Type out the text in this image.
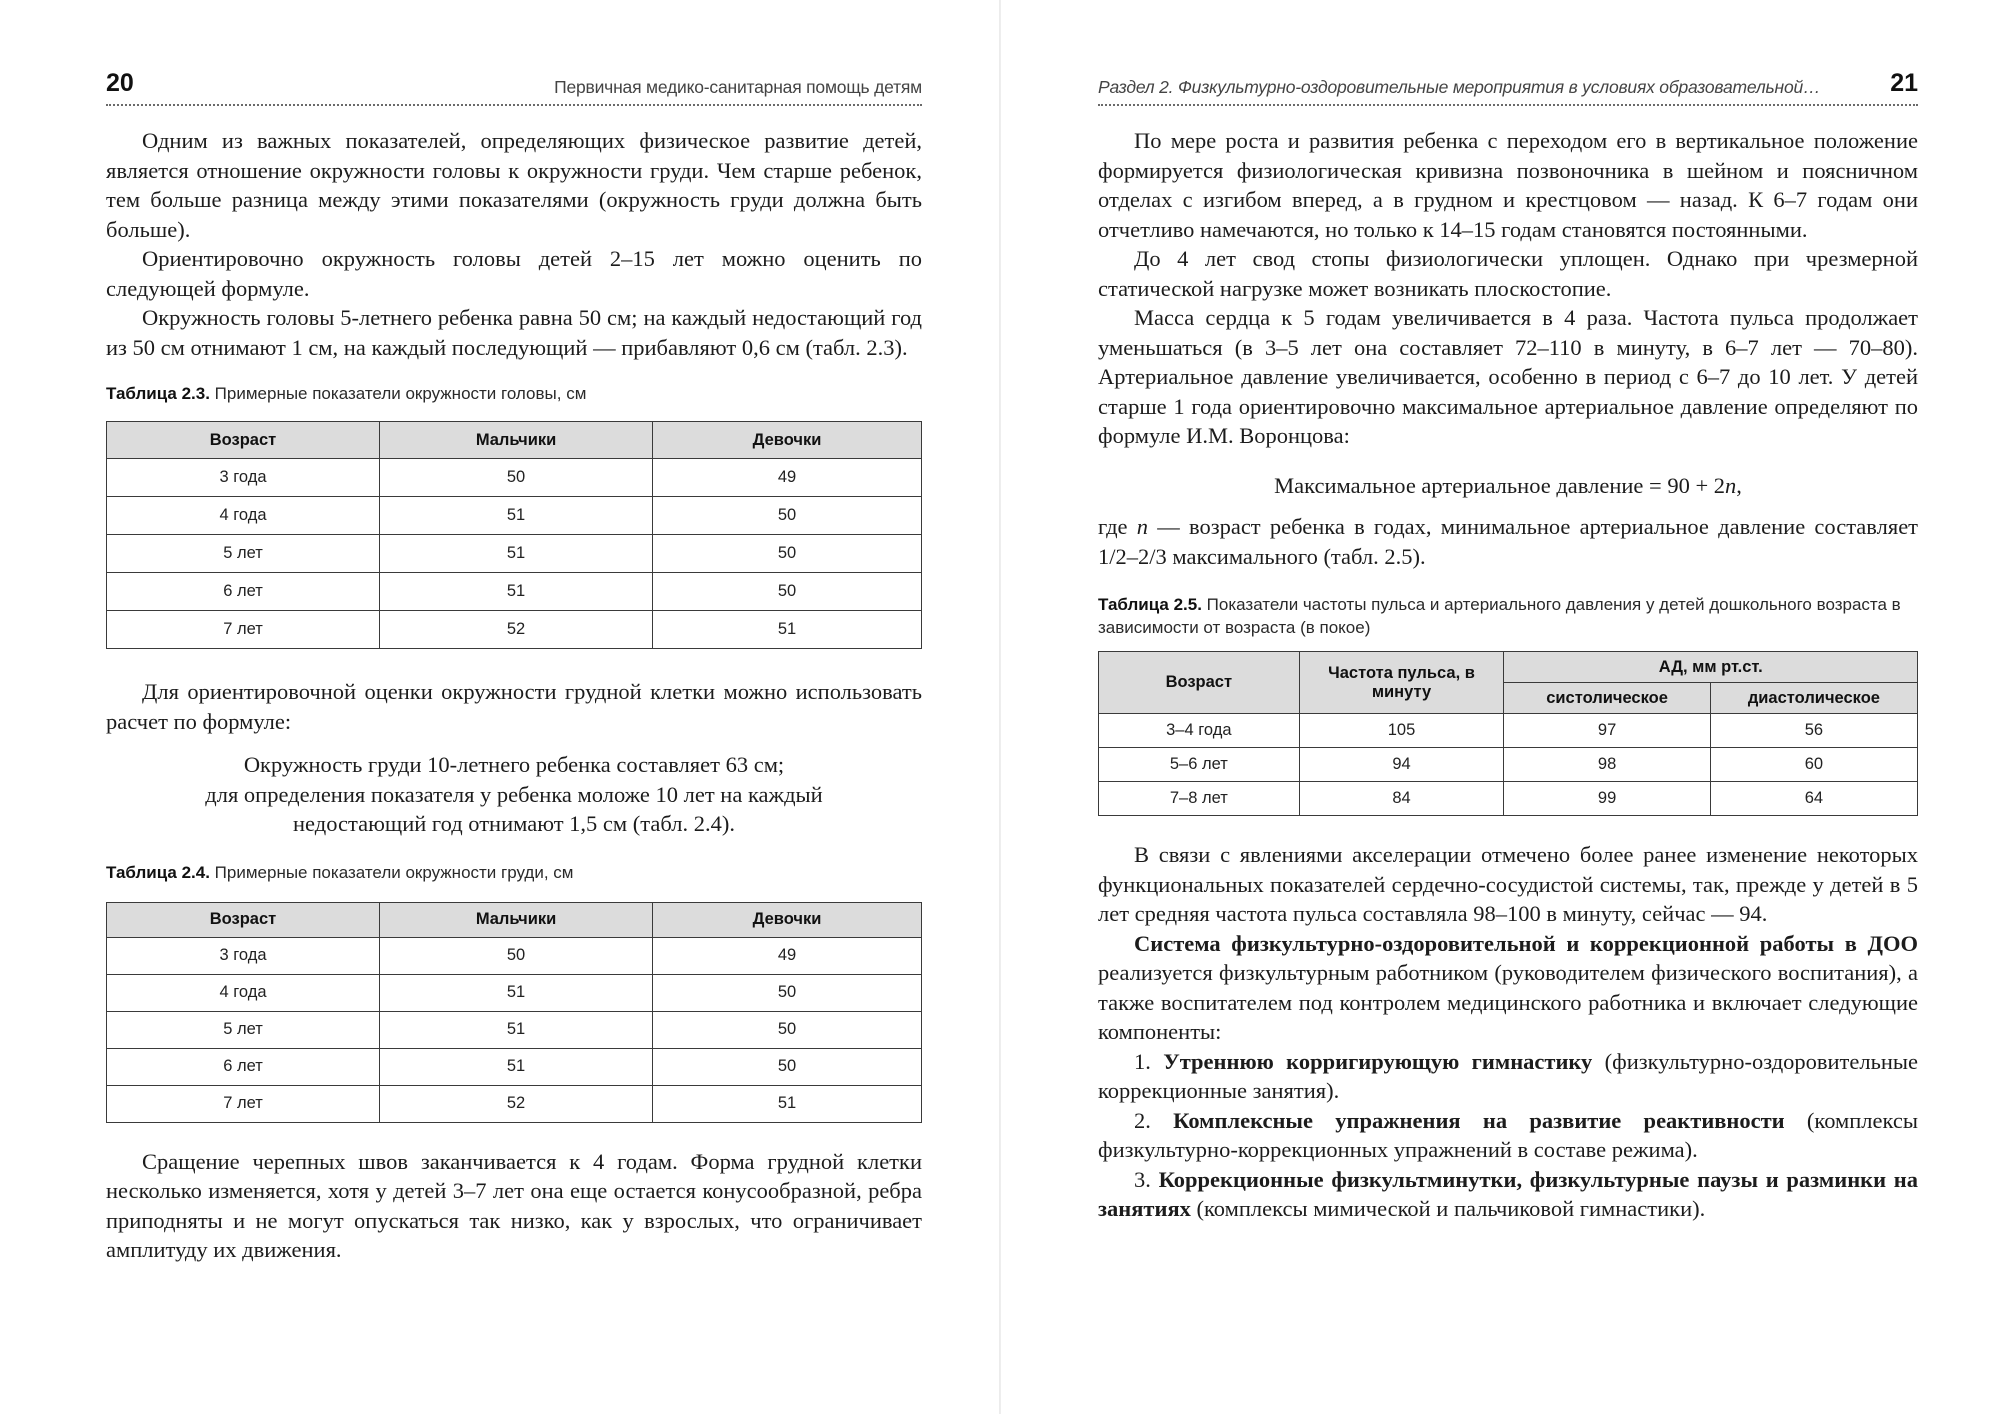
20	Первичная медико-санитарная помощь детям

Одним из важных показателей, определяющих физическое развитие детей, является отношение окружности головы к окружности груди. Чем старше ребенок, тем больше разница между этими показателями (окружность груди должна быть больше).

Ориентировочно окружность головы детей 2–15 лет можно оценить по следующей формуле.

Окружность головы 5-летнего ребенка равна 50 см; на каждый недостающий год из 50 см отнимают 1 см, на каждый последующий — прибавляют 0,6 см (табл. 2.3).

Таблица 2.3. Примерные показатели окружности головы, см

Возраст	Мальчики	Девочки
3 года	50	49
4 года	51	50
5 лет	51	50
6 лет	51	50
7 лет	52	51

Для ориентировочной оценки окружности грудной клетки можно использовать расчет по формуле:

Окружность груди 10-летнего ребенка составляет 63 см;

для определения показателя у ребенка моложе 10 лет на каждый

недостающий год отнимают 1,5 см (табл. 2.4).

Таблица 2.4. Примерные показатели окружности груди, см

Возраст	Мальчики	Девочки
3 года	50	49
4 года	51	50
5 лет	51	50
6 лет	51	50
7 лет	52	51

Сращение черепных швов заканчивается к 4 годам. Форма грудной клетки несколько изменяется, хотя у детей 3–7 лет она еще остается конусообразной, ребра приподняты и не могут опускаться так низко, как у взрослых, что ограничивает амплитуду их движения.

Раздел 2. Физкультурно-оздоровительные мероприятия в условиях образовательной…	21

По мере роста и развития ребенка с переходом его в вертикальное положение формируется физиологическая кривизна позвоночника в шейном и поясничном отделах с изгибом вперед, а в грудном и крестцовом — назад. К 6–7 годам они отчетливо намечаются, но только к 14–15 годам становятся постоянными.

До 4 лет свод стопы физиологически уплощен. Однако при чрезмерной статической нагрузке может возникать плоскостопие.

Масса сердца к 5 годам увеличивается в 4 раза. Частота пульса продолжает уменьшаться (в 3–5 лет она составляет 72–110 в минуту, в 6–7 лет — 70–80). Артериальное давление увеличивается, особенно в период с 6–7 до 10 лет. У детей старше 1 года ориентировочно максимальное артериальное давление определяют по формуле И.М. Воронцова:

Максимальное артериальное давление = 90 + 2n,

где n — возраст ребенка в годах, минимальное артериальное давление составляет 1/2–2/3 максимального (табл. 2.5).

Таблица 2.5. Показатели частоты пульса и артериального давления у детей дошкольного возраста в зависимости от возраста (в покое)

Возраст	Частота пульса, в минуту	АД, мм рт.ст.	
		систолическое	диастолическое
3–4 года	105	97	56
5–6 лет	94	98	60
7–8 лет	84	99	64

В связи с явлениями акселерации отмечено более ранее изменение некоторых функциональных показателей сердечно-сосудистой системы, так, прежде у детей в 5 лет средняя частота пульса составляла 98–100 в минуту, сейчас — 94.

Система физкультурно-оздоровительной и коррекционной работы в ДОО реализуется физкультурным работником (руководителем физического воспитания), а также воспитателем под контролем медицинского работника и включает следующие компоненты:

1. Утреннюю корригирующую гимнастику (физкультурно-оздоровительные коррекционные занятия).

2. Комплексные упражнения на развитие реактивности (комплексы физкультурно-коррекционных упражнений в составе режима).

3. Коррекционные физкультминутки, физкультурные паузы и разминки на занятиях (комплексы мимической и пальчиковой гимнастики).
